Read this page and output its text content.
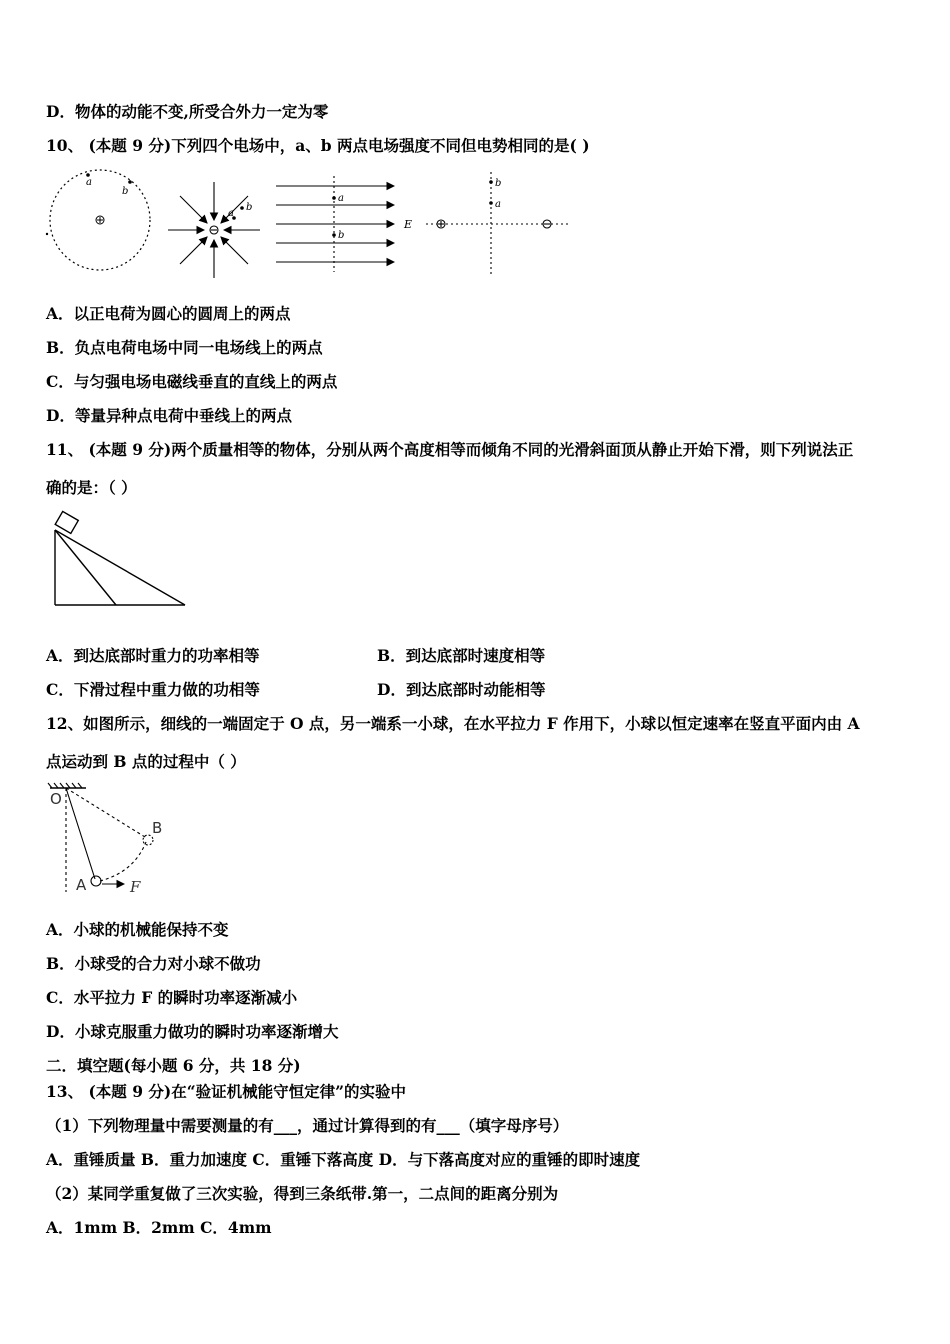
D．物体的动能不变,所受合外力一定为零
10、 (本题 9 分)下列四个电场中，a、b 两点电场强度不同但电势相同的是( )
a
b
a
b
a
b
E
b
a
A．以正电荷为圆心的圆周上的两点
B．负点电荷电场中同一电场线上的两点
C．与匀强电场电磁线垂直的直线上的两点
D．等量异种点电荷中垂线上的两点
11、 (本题 9 分)两个质量相等的物体，分别从两个高度相等而倾角不同的光滑斜面顶从静止开始下滑，则下列说法正
确的是：（ ）
A．到达底部时重力的功率相等	B．到达底部时速度相等
C．下滑过程中重力做的功相等	D．到达底部时动能相等
12、如图所示，细线的一端固定于 O 点，另一端系一小球，在水平拉力 F 作用下，小球以恒定速率在竖直平面内由 A
点运动到 B 点的过程中（ ）
O
B
A	F
A．小球的机械能保持不变
B．小球受的合力对小球不做功
C．水平拉力 F 的瞬时功率逐渐减小
D．小球克服重力做功的瞬时功率逐渐增大
二．填空题(每小题 6 分，共 18 分)
13、 (本题 9 分)在“验证机械能守恒定律”的实验中
（1）下列物理量中需要测量的有___，通过计算得到的有___（填字母序号）
A．重锤质量 B．重力加速度 C．重锤下落高度 D．与下落高度对应的重锤的即时速度
（2）某同学重复做了三次实验，得到三条纸带.第一，二点间的距离分别为
A．1mm B．2mm C．4mm
